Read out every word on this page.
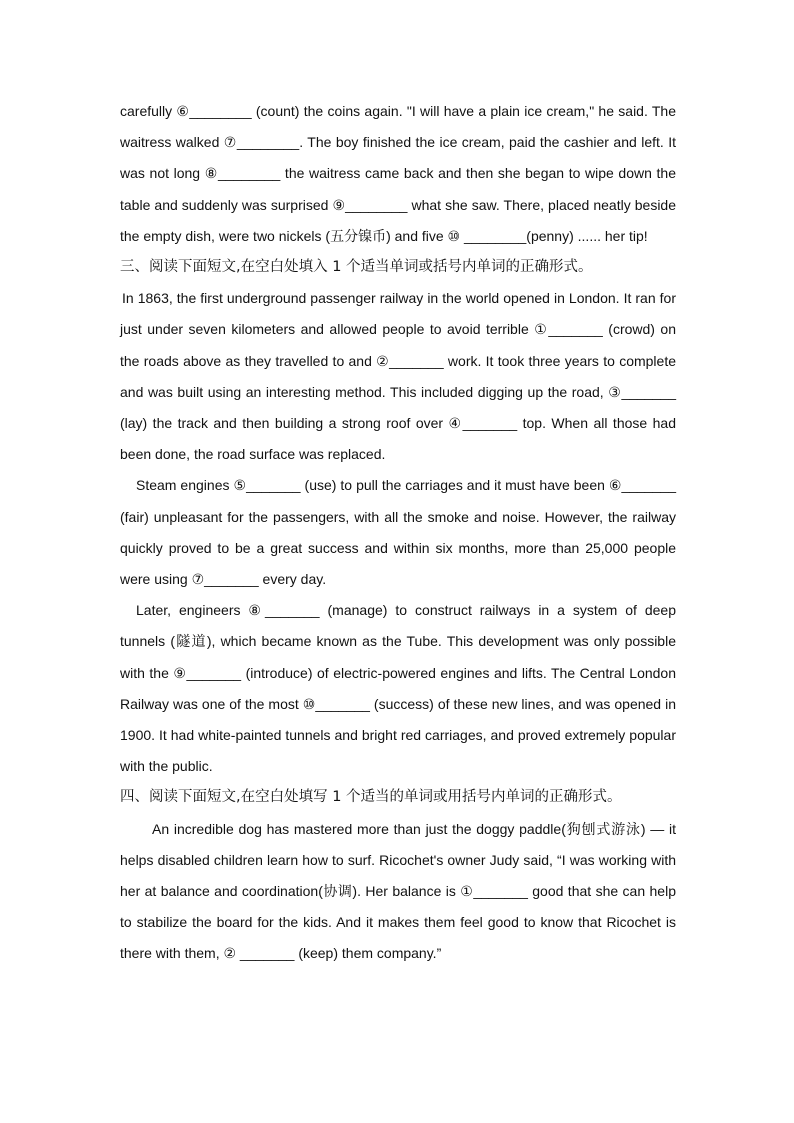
carefully ⑥________ (count) the coins again. "I will have a plain ice cream," he said. The waitress walked ⑦________. The boy finished the ice cream, paid the cashier and left. It was not long ⑧________ the waitress came back and then she began to wipe down the table and suddenly was surprised ⑨________ what she saw. There, placed neatly beside the empty dish, were two nickels (五分镍币) and five ⑩ ________(penny) ...... her tip!

三、阅读下面短文,在空白处填入 1 个适当单词或括号内单词的正确形式。

In 1863, the first underground passenger railway in the world opened in London. It ran for just under seven kilometers and allowed people to avoid terrible ①_______ (crowd) on the roads above as they travelled to and ②_______ work. It took three years to complete and was built using an interesting method. This included digging up the road, ③_______ (lay) the track and then building a strong roof over ④_______ top. When all those had been done, the road surface was replaced.

Steam engines ⑤_______ (use) to pull the carriages and it must have been ⑥_______ (fair) unpleasant for the passengers, with all the smoke and noise. However, the railway quickly proved to be a great success and within six months, more than 25,000 people were using ⑦_______ every day.

Later, engineers ⑧_______ (manage) to construct railways in a system of deep tunnels (隧道), which became known as the Tube. This development was only possible with the ⑨_______ (introduce) of electric-powered engines and lifts. The Central London Railway was one of the most ⑩_______ (success) of these new lines, and was opened in 1900. It had white-painted tunnels and bright red carriages, and proved extremely popular with the public.

四、阅读下面短文,在空白处填写 1 个适当的单词或用括号内单词的正确形式。

An incredible dog has mastered more than just the doggy paddle(狗刨式游泳) — it helps disabled children learn how to surf. Ricochet's owner Judy said, “I was working with her at balance and coordination(协调). Her balance is ①_______ good that she can help to stabilize the board for the kids. And it makes them feel good to know that Ricochet is there with them, ② _______ (keep) them company.”
